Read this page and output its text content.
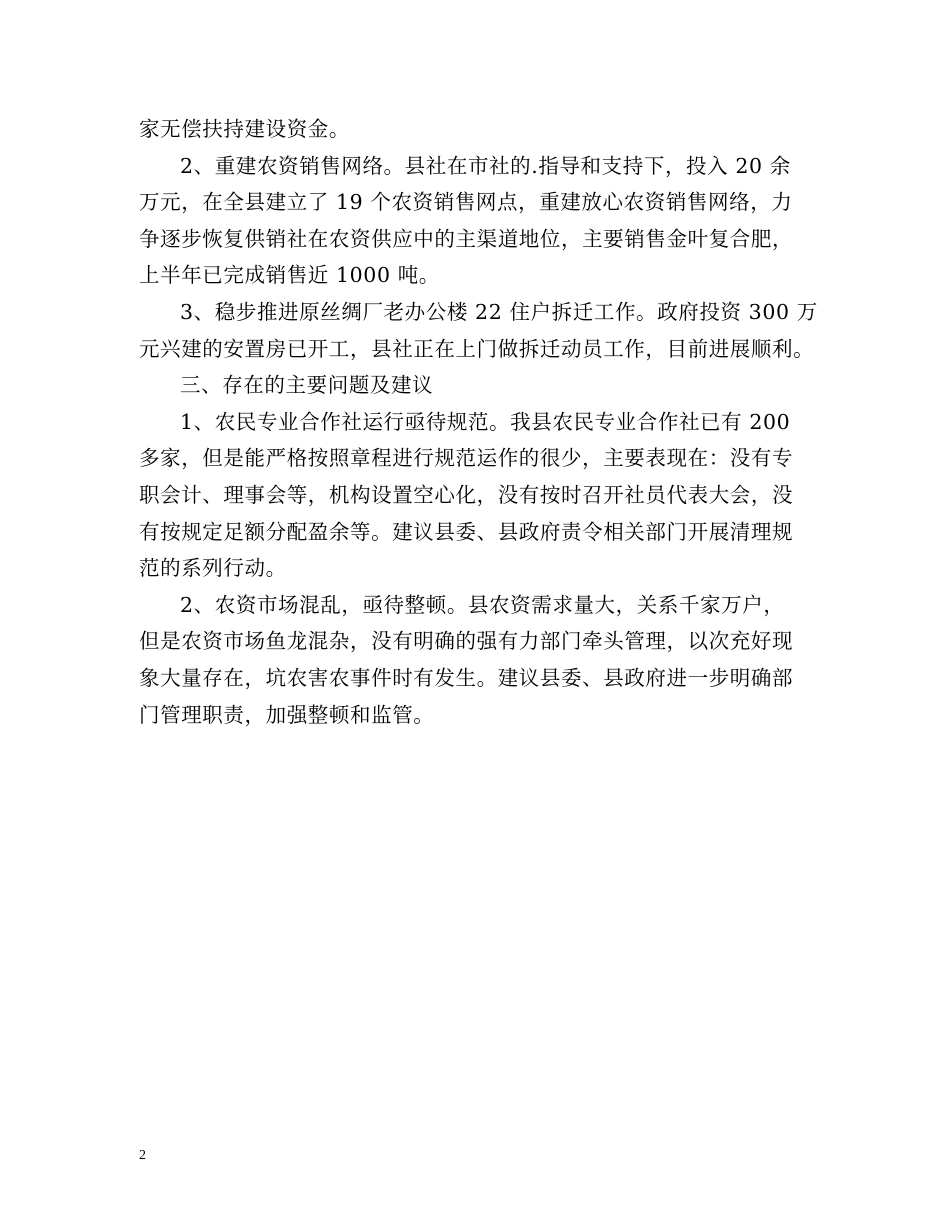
家无偿扶持建设资金。
2、重建农资销售网络。县社在市社的.指导和支持下，投入 20 余
万元，在全县建立了 19 个农资销售网点，重建放心农资销售网络，力
争逐步恢复供销社在农资供应中的主渠道地位，主要销售金叶复合肥，
上半年已完成销售近 1000 吨。
3、稳步推进原丝绸厂老办公楼 22 住户拆迁工作。政府投资 300 万
元兴建的安置房已开工，县社正在上门做拆迁动员工作，目前进展顺利。
三、存在的主要问题及建议
1、农民专业合作社运行亟待规范。我县农民专业合作社已有 200
多家，但是能严格按照章程进行规范运作的很少，主要表现在：没有专
职会计、理事会等，机构设置空心化，没有按时召开社员代表大会，没
有按规定足额分配盈余等。建议县委、县政府责令相关部门开展清理规
范的系列行动。
2、农资市场混乱，亟待整顿。县农资需求量大，关系千家万户，
但是农资市场鱼龙混杂，没有明确的强有力部门牵头管理，以次充好现
象大量存在，坑农害农事件时有发生。建议县委、县政府进一步明确部
门管理职责，加强整顿和监管。
2
